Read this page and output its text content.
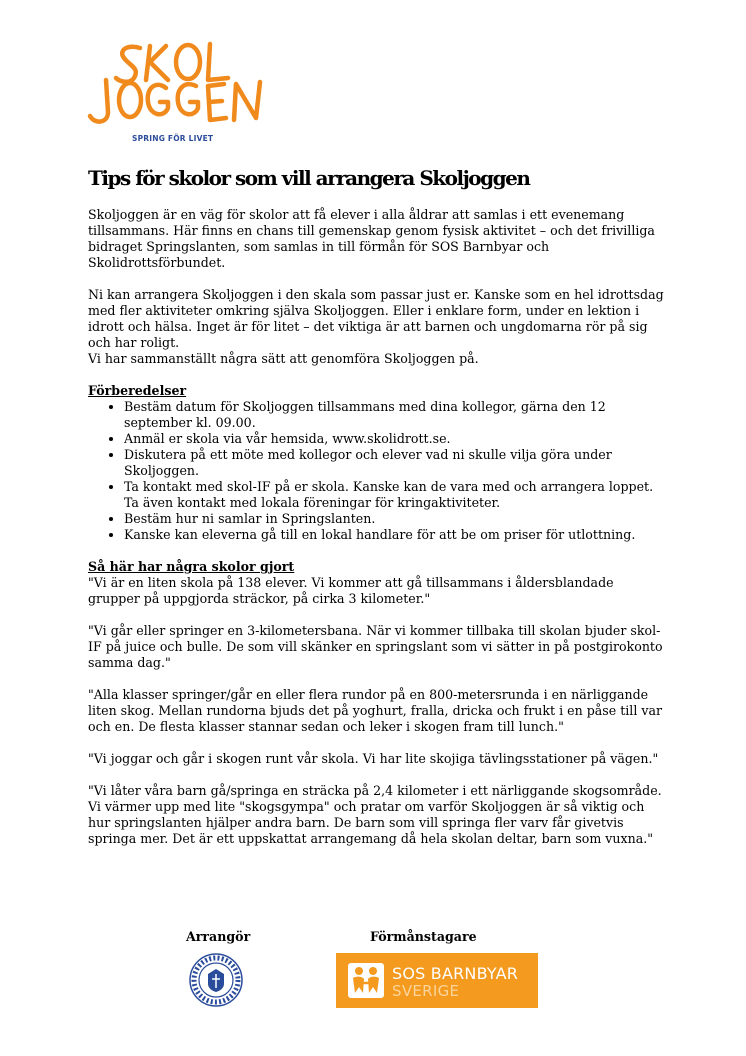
SPRING FÖR LIVET
Tips för skolor som vill arrangera Skoljoggen

Skoljoggen är en väg för skolor att få elever i alla åldrar att samlas i ett evenemang tillsammans. Här finns en chans till gemenskap genom fysisk aktivitet – och det frivilliga bidraget Springslanten, som samlas in till förmån för SOS Barnbyar och Skolidrottsförbundet.

Ni kan arrangera Skoljoggen i den skala som passar just er. Kanske som en hel idrottsdag med fler aktiviteter omkring själva Skoljoggen. Eller i enklare form, under en lektion i idrott och hälsa. Inget är för litet – det viktiga är att barnen och ungdomarna rör på sig och har roligt.

Vi har sammanställt några sätt att genomföra Skoljoggen på.

Förberedelser
• Bestäm datum för Skoljoggen tillsammans med dina kollegor, gärna den 12 september kl. 09.00.
• Anmäl er skola via vår hemsida, www.skolidrott.se.
• Diskutera på ett möte med kollegor och elever vad ni skulle vilja göra under Skoljoggen.
• Ta kontakt med skol-IF på er skola. Kanske kan de vara med och arrangera loppet. Ta även kontakt med lokala föreningar för kringaktiviteter.
• Bestäm hur ni samlar in Springslanten.
• Kanske kan eleverna gå till en lokal handlare för att be om priser för utlottning.
Så här har några skolor gjort

"Vi är en liten skola på 138 elever. Vi kommer att gå tillsammans i åldersblandade grupper på uppgjorda sträckor, på cirka 3 kilometer."

"Vi går eller springer en 3-kilometersbana. När vi kommer tillbaka till skolan bjuder skol-IF på juice och bulle. De som vill skänker en springslant som vi sätter in på postgirokonto samma dag."

"Alla klasser springer/går en eller flera rundor på en 800-metersrunda i en närliggande liten skog. Mellan rundorna bjuds det på yoghurt, fralla, dricka och frukt i en påse till var och en. De flesta klasser stannar sedan och leker i skogen fram till lunch."

"Vi joggar och går i skogen runt vår skola. Vi har lite skojiga tävlingsstationer på vägen."

"Vi låter våra barn gå/springa en sträcka på 2,4 kilometer i ett närliggande skogsområde. Vi värmer upp med lite "skogsgympa" och pratar om varför Skoljoggen är så viktig och hur springslanten hjälper andra barn. De barn som vill springa fler varv får givetvis springa mer. Det är ett uppskattat arrangemang då hela skolan deltar, barn som vuxna."

Arrangör	Förmånstagare
SOS BARNBYAR
SVERIGE
